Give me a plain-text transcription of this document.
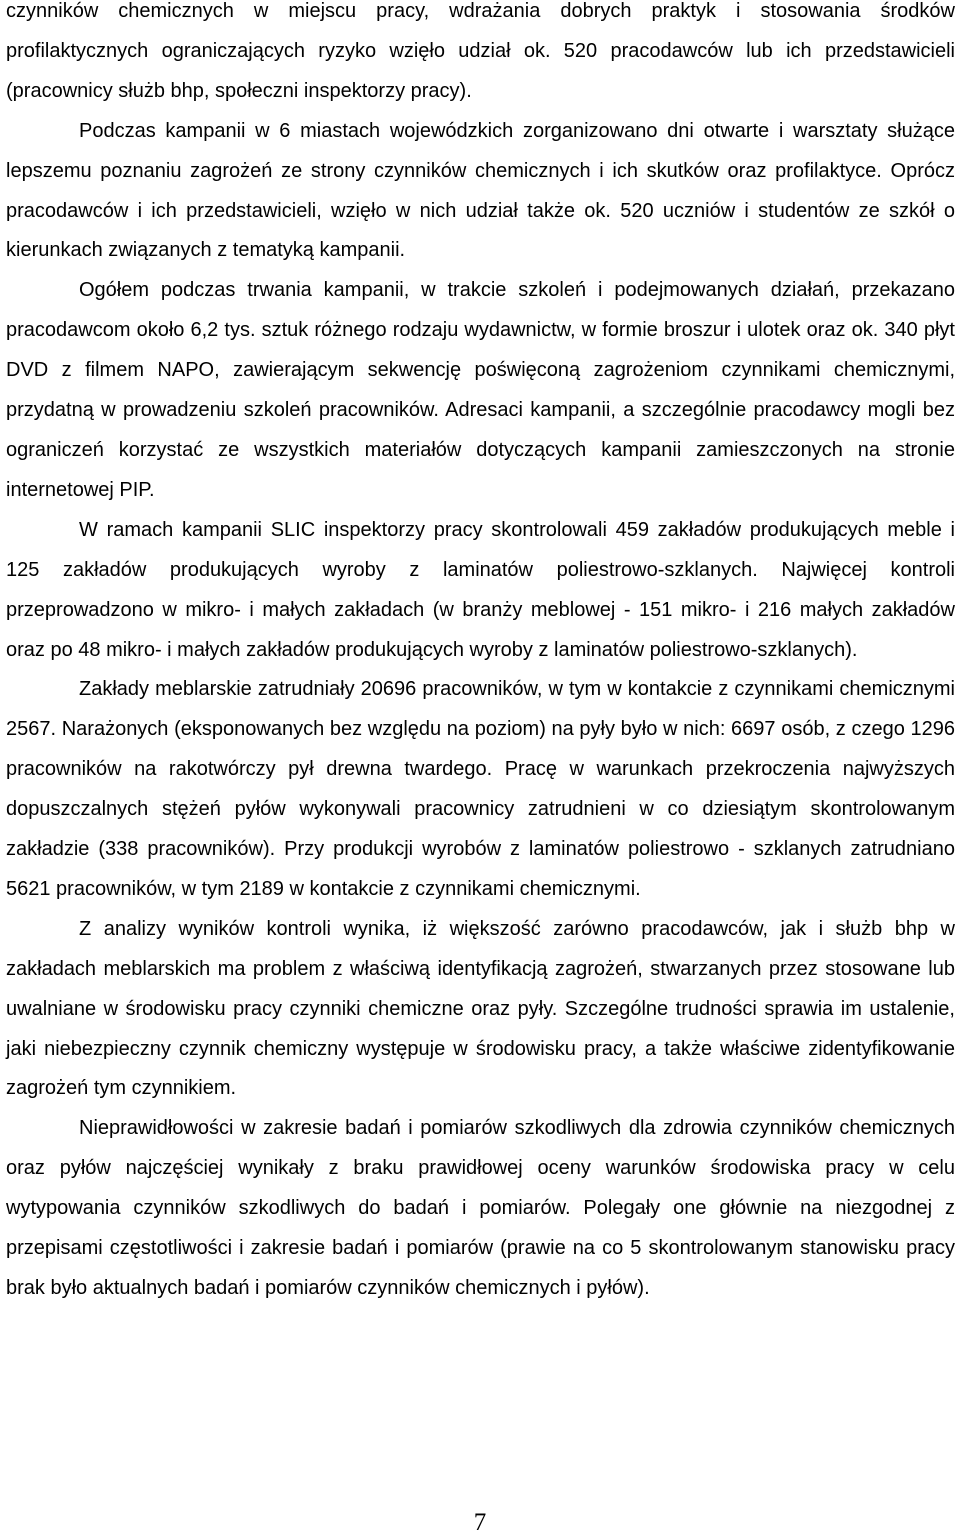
czynników chemicznych w miejscu pracy, wdrażania dobrych praktyk i stosowania środków profilaktycznych ograniczających ryzyko wzięło udział ok. 520 pracodawców lub ich przedstawicieli (pracownicy służb bhp, społeczni inspektorzy pracy).

Podczas kampanii w 6 miastach wojewódzkich zorganizowano dni otwarte i warsztaty służące lepszemu poznaniu zagrożeń ze strony czynników chemicznych i ich skutków oraz profilaktyce. Oprócz pracodawców i ich przedstawicieli, wzięło w nich udział także ok. 520 uczniów i studentów ze szkół o kierunkach związanych z tematyką kampanii.

Ogółem podczas trwania kampanii, w trakcie szkoleń i podejmowanych działań, przekazano pracodawcom około 6,2 tys. sztuk różnego rodzaju wydawnictw, w formie broszur i ulotek oraz ok. 340 płyt DVD z filmem NAPO, zawierającym sekwencję poświęconą zagrożeniom czynnikami chemicznymi, przydatną w prowadzeniu szkoleń pracowników. Adresaci kampanii, a szczególnie pracodawcy mogli bez ograniczeń korzystać ze wszystkich materiałów dotyczących kampanii zamieszczonych na stronie internetowej PIP.

W ramach kampanii SLIC inspektorzy pracy skontrolowali 459 zakładów produkujących meble i 125 zakładów produkujących wyroby z laminatów poliestrowo-szklanych. Najwięcej kontroli przeprowadzono w mikro- i małych zakładach (w branży meblowej - 151 mikro- i 216 małych zakładów oraz po 48 mikro- i małych zakładów produkujących wyroby z laminatów poliestrowo-szklanych).

Zakłady meblarskie zatrudniały 20696 pracowników, w tym w kontakcie z czynnikami chemicznymi 2567. Narażonych (eksponowanych bez względu na poziom) na pyły było w nich: 6697 osób, z czego 1296 pracowników na rakotwórczy pył drewna twardego. Pracę w warunkach przekroczenia najwyższych dopuszczalnych stężeń pyłów wykonywali pracownicy zatrudnieni w co dziesiątym skontrolowanym zakładzie (338 pracowników). Przy produkcji wyrobów z laminatów poliestrowo - szklanych zatrudniano 5621 pracowników, w tym 2189 w kontakcie z czynnikami chemicznymi.

Z analizy wyników kontroli wynika, iż większość zarówno pracodawców, jak i służb bhp w zakładach meblarskich ma problem z właściwą identyfikacją zagrożeń, stwarzanych przez stosowane lub uwalniane w środowisku pracy czynniki chemiczne oraz pyły. Szczególne trudności sprawia im ustalenie, jaki niebezpieczny czynnik chemiczny występuje w środowisku pracy, a także właściwe zidentyfikowanie zagrożeń tym czynnikiem.

Nieprawidłowości w zakresie badań i pomiarów szkodliwych dla zdrowia czynników chemicznych oraz pyłów najczęściej wynikały z braku prawidłowej oceny warunków środowiska pracy w celu wytypowania czynników szkodliwych do badań i pomiarów. Polegały one głównie na niezgodnej z przepisami częstotliwości i zakresie badań i pomiarów (prawie na co 5 skontrolowanym stanowisku pracy brak było aktualnych badań i pomiarów czynników chemicznych i pyłów).

7
